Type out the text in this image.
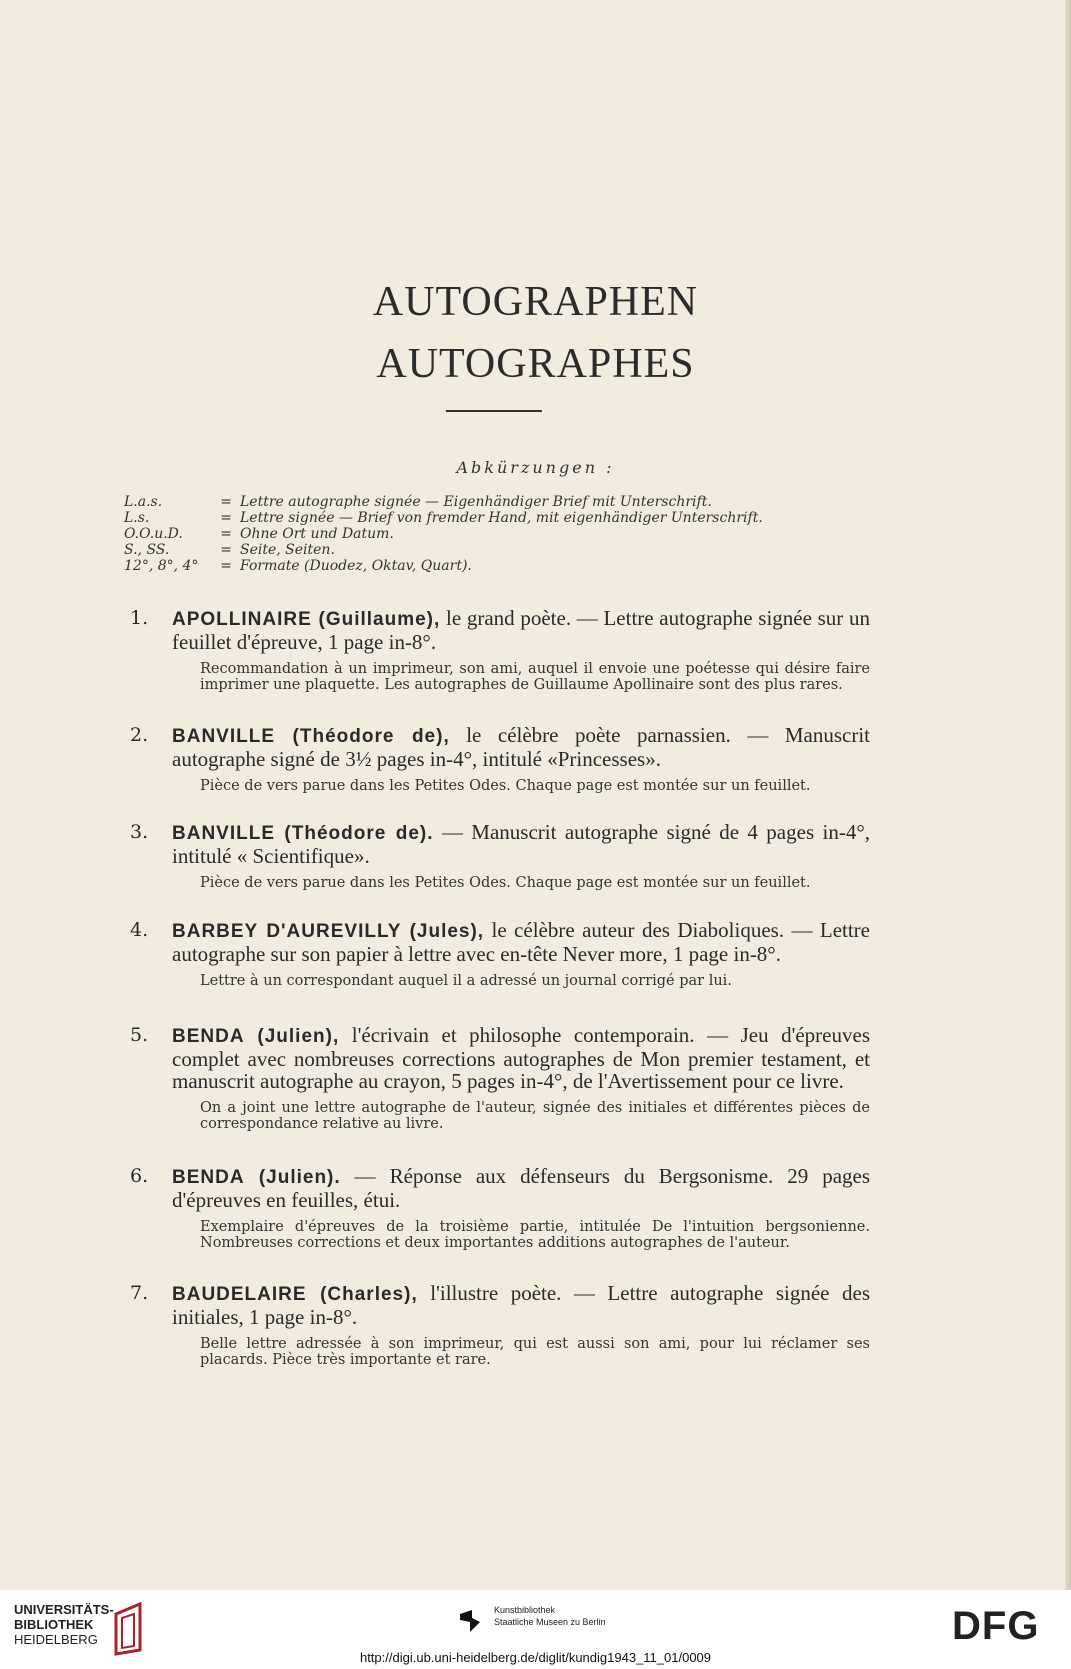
AUTOGRAPHEN
AUTOGRAPHES
Abkürzungen :
L.a.s.	= Lettre autographe signée — Eigenhändiger Brief mit Unterschrift.
L.s.	= Lettre signée — Brief von fremder Hand, mit eigenhändiger Unterschrift.
O.O.u.D.	= Ohne Ort und Datum.
S., SS.	= Seite, Seiten.
12°, 8°, 4°	= Formate (Duodez, Oktav, Quart).
1.	APOLLINAIRE (Guillaume), le grand poète. — Lettre autographe signée sur un feuillet d'épreuve, 1 page in-8°.
Recommandation à un imprimeur, son ami, auquel il envoie une poétesse qui désire faire imprimer une plaquette. Les autographes de Guillaume Apollinaire sont des plus rares.
2.	BANVILLE (Théodore de), le célèbre poète parnassien. — Manuscrit autographe signé de 3½ pages in-4°, intitulé «Princesses».
Pièce de vers parue dans les Petites Odes. Chaque page est montée sur un feuillet.
3.	BANVILLE (Théodore de). — Manuscrit autographe signé de 4 pages in-4°, intitulé « Scientifique».
Pièce de vers parue dans les Petites Odes. Chaque page est montée sur un feuillet.
4.	BARBEY D'AUREVILLY (Jules), le célèbre auteur des Diaboliques. — Lettre autographe sur son papier à lettre avec en-tête Never more, 1 page in-8°.
Lettre à un correspondant auquel il a adressé un journal corrigé par lui.
5.	BENDA (Julien), l'écrivain et philosophe contemporain. — Jeu d'épreuves complet avec nombreuses corrections autographes de Mon premier testament, et manuscrit autographe au crayon, 5 pages in-4°, de l'Avertissement pour ce livre.
On a joint une lettre autographe de l'auteur, signée des initiales et différentes pièces de correspondance relative au livre.
6.	BENDA (Julien). — Réponse aux défenseurs du Bergsonisme. 29 pages d'épreuves en feuilles, étui.
Exemplaire d'épreuves de la troisième partie, intitulée De l'intuition bergsonienne. Nombreuses corrections et deux importantes additions autographes de l'auteur.
7.	BAUDELAIRE (Charles), l'illustre poète. — Lettre autographe signée des initiales, 1 page in-8°.
Belle lettre adressée à son imprimeur, qui est aussi son ami, pour lui réclamer ses placards. Pièce très importante et rare.
UNIVERSITÄTS-
BIBLIOTHEK
HEIDELBERG
Kunstbibliothek
Staatliche Museen zu Berlin	DFG
http://digi.ub.uni-heidelberg.de/diglit/kundig1943_11_01/0009
